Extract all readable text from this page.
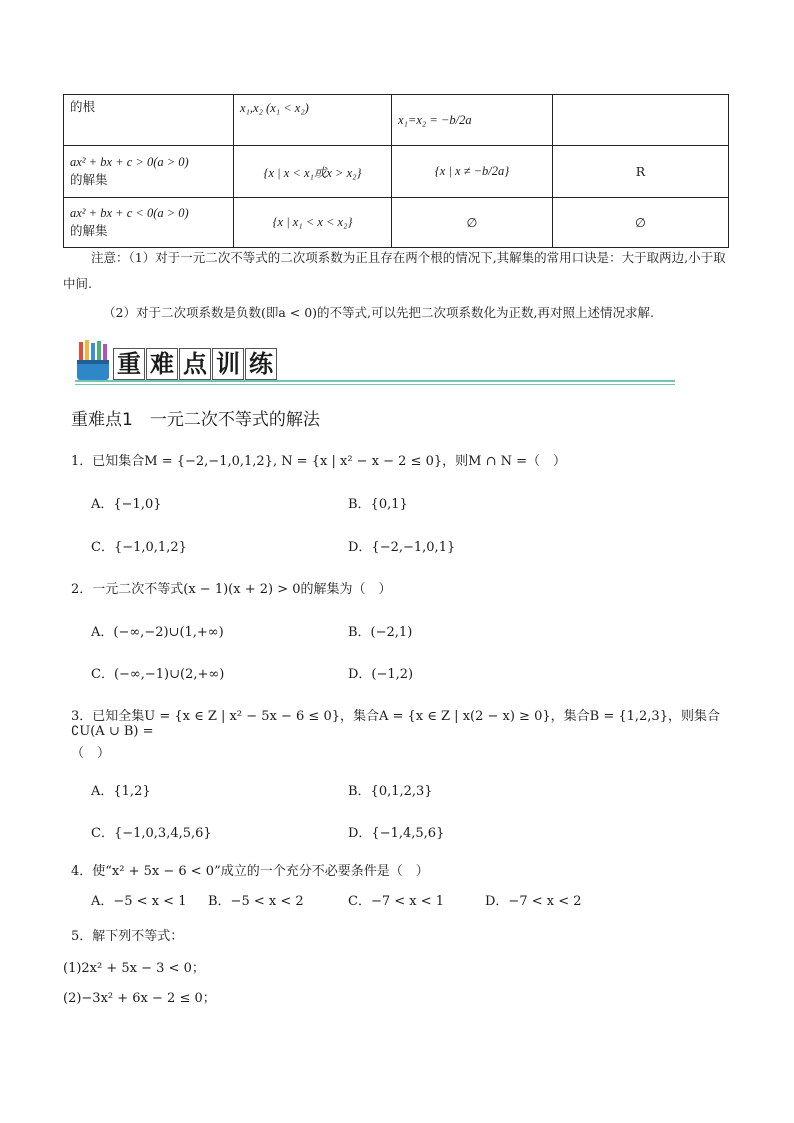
的根	x₁,x₂ (x₁ < x₂)	x₁=x₂ = −b/2a	

ax² + bx + c > 0(a > 0)
的解集	{x | x < x₁或x > x₂}	{x | x ≠ −b/2a}	R

ax² + bx + c < 0(a > 0)
的解集	{x | x₁ < x < x₂}	∅	∅
注意：（1）对于一元二次不等式的二次项系数为正且存在两个根的情况下,其解集的常用口诀是：大于取两边,小于取中间.
（2）对于二次项系数是负数(即a < 0)的不等式,可以先把二次项系数化为正数,再对照上述情况求解.
重 难 点 训 练
重难点1　一元二次不等式的解法
1．已知集合M = {−2,−1,0,1,2}, N = {x | x² − x − 2 ≤ 0}，则M ∩ N =（　）
A．{−1,0}	B．{0,1}
C．{−1,0,1,2}	D．{−2,−1,0,1}
2．一元二次不等式(x − 1)(x + 2) > 0的解集为（　）
A．(−∞,−2)∪(1,+∞)	B．(−2,1)
C．(−∞,−1)∪(2,+∞)	D．(−1,2)
3．已知全集U = {x ∈ Z | x² − 5x − 6 ≤ 0}，集合A = {x ∈ Z | x(2 − x) ≥ 0}，集合B = {1,2,3}，则集合∁U(A ∪ B) =
（　）
A．{1,2}	B．{0,1,2,3}
C．{−1,0,3,4,5,6}	D．{−1,4,5,6}
4．使“x² + 5x − 6 < 0”成立的一个充分不必要条件是（　）
A．−5 < x < 1 B．−5 < x < 2	C．−7 < x < 1	D．−7 < x < 2
5．解下列不等式：
(1)2x² + 5x − 3 < 0；
(2)−3x² + 6x − 2 ≤ 0；
